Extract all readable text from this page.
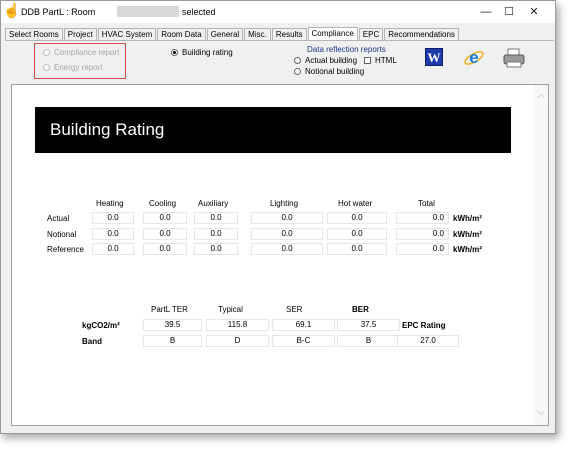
☝ DDB PartL : Room	selected	—	☐	✕
Select Rooms	Project	HVAC System	Room Data	General	Misc.	Results	Compliance	EPC	Recommendations
Compliance report
Energy report
Building rating	Data reflection reports
Actual building HTML
Notional building
W e
︿
﹀
Building Rating
Heating	Cooling	Auxiliary	Lighting	Hot water	Total
Actual	0.0	0.0	0.0	0.0	0.0	0.0	kWh/m²
Notional	0.0	0.0	0.0	0.0	0.0	0.0	kWh/m²
Reference	0.0	0.0	0.0	0.0	0.0	0.0	kWh/m²
PartL TER	Typical	SER	BER
kgCO2/m²	39.5	115.8	69.1	37.5	EPC Rating
Band	B	D	B-C	B	27.0
